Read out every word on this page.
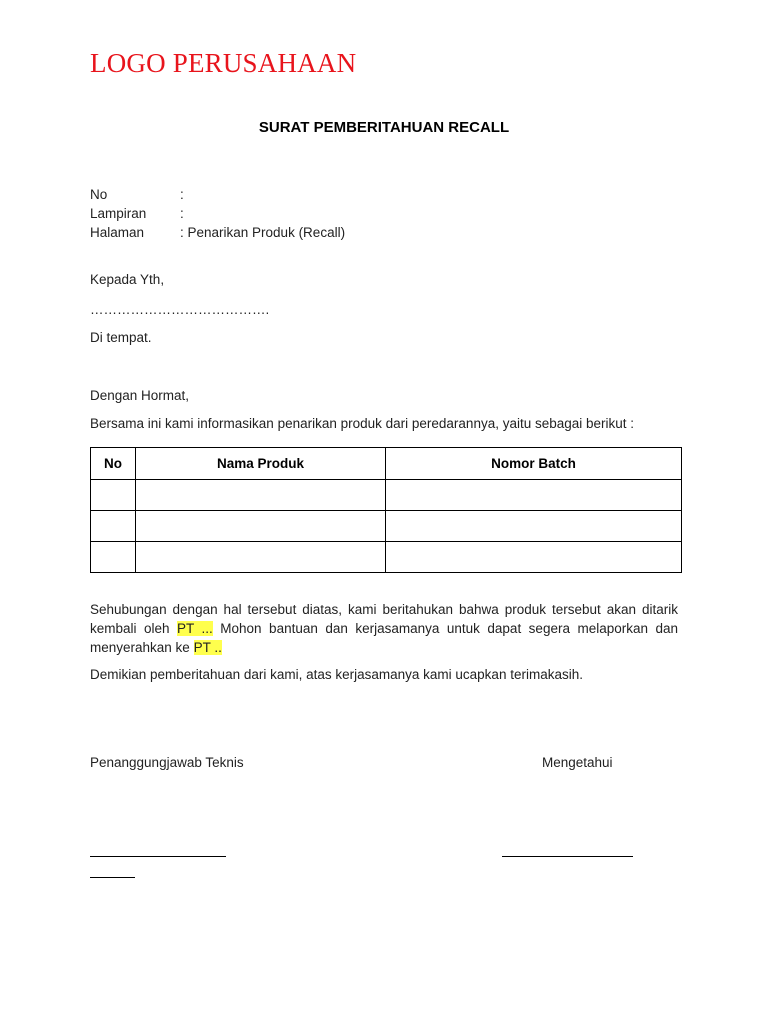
LOGO PERUSAHAAN
SURAT PEMBERITAHUAN RECALL
No	:
Lampiran :
Halaman	: Penarikan Produk (Recall)
Kepada Yth,
………………………………….
Di tempat.
Dengan Hormat,
Bersama ini kami informasikan penarikan produk dari peredarannya, yaitu sebagai berikut :
No	Nama Produk	Nomor Batch

Sehubungan dengan hal tersebut diatas, kami beritahukan bahwa produk tersebut akan ditarik kembali oleh PT ... Mohon bantuan dan kerjasamanya untuk dapat segera melaporkan dan menyerahkan ke PT ..

Demikian pemberitahuan dari kami, atas kerjasamanya kami ucapkan terimakasih.
Penanggungjawab Teknis	Mengetahui
